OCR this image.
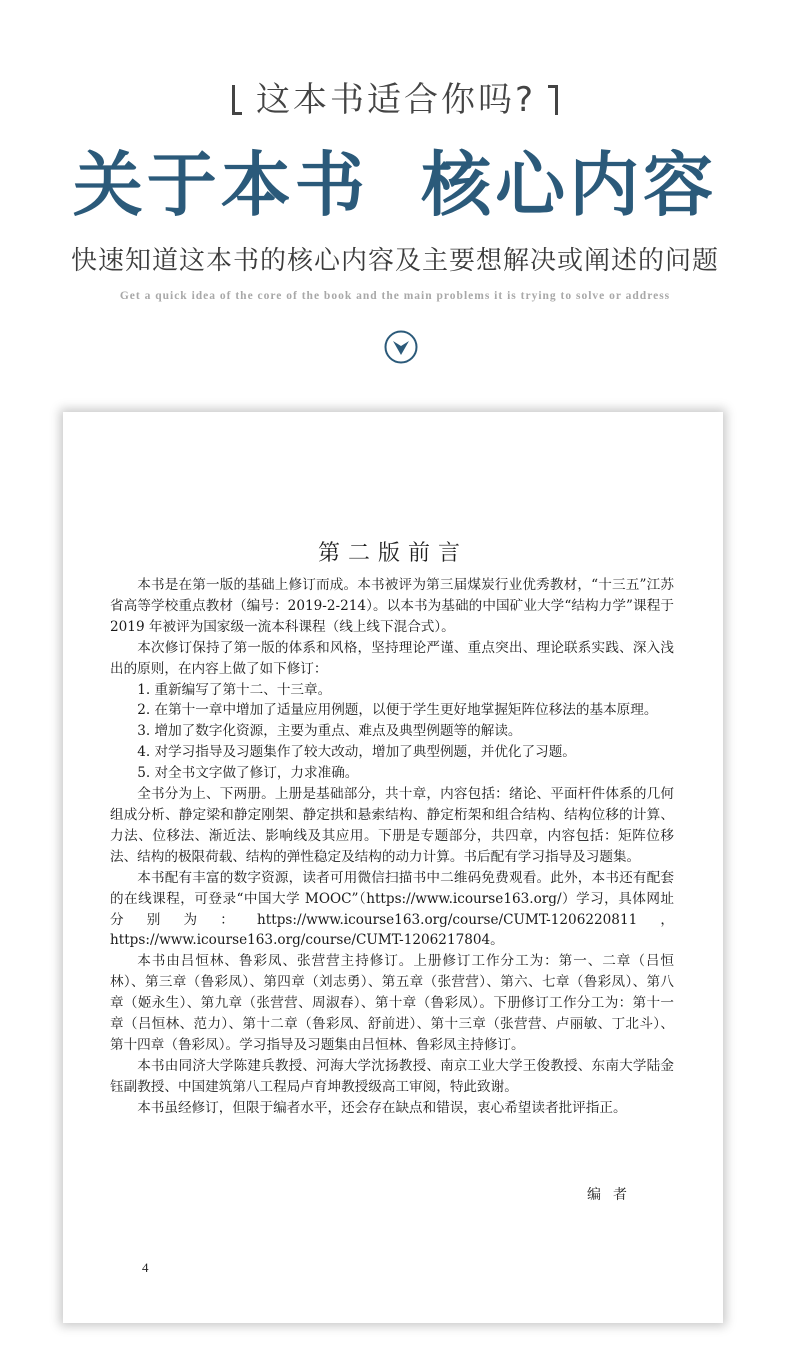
这本书适合你吗?
关于本书 核心内容
快速知道这本书的核心内容及主要想解决或阐述的问题
Get a quick idea of the core of the book and the main problems it is trying to solve or address
第二版前言

本书是在第一版的基础上修订而成。本书被评为第三届煤炭行业优秀教材，“十三五”江苏省高等学校重点教材（编号：2019-2-214）。以本书为基础的中国矿业大学“结构力学”课程于 2019 年被评为国家级一流本科课程（线上线下混合式）。

本次修订保持了第一版的体系和风格，坚持理论严谨、重点突出、理论联系实践、深入浅出的原则，在内容上做了如下修订：

1. 重新编写了第十二、十三章。

2. 在第十一章中增加了适量应用例题，以便于学生更好地掌握矩阵位移法的基本原理。

3. 增加了数字化资源，主要为重点、难点及典型例题等的解读。

4. 对学习指导及习题集作了较大改动，增加了典型例题，并优化了习题。

5. 对全书文字做了修订，力求准确。

全书分为上、下两册。上册是基础部分，共十章，内容包括：绪论、平面杆件体系的几何组成分析、静定梁和静定刚架、静定拱和悬索结构、静定桁架和组合结构、结构位移的计算、力法、位移法、渐近法、影响线及其应用。下册是专题部分，共四章，内容包括：矩阵位移法、结构的极限荷载、结构的弹性稳定及结构的动力计算。书后配有学习指导及习题集。

本书配有丰富的数字资源，读者可用微信扫描书中二维码免费观看。此外，本书还有配套的在线课程，可登录“中国大学 MOOC”（https://www.icourse163.org/）学习，具体网址分别为：https://www.icourse163.org/course/CUMT-1206220811，https://www.icourse163.org/course/CUMT-1206217804。

本书由吕恒林、鲁彩凤、张营营主持修订。上册修订工作分工为：第一、二章（吕恒林）、第三章（鲁彩凤）、第四章（刘志勇）、第五章（张营营）、第六、七章（鲁彩凤）、第八章（姬永生）、第九章（张营营、周淑春）、第十章（鲁彩凤）。下册修订工作分工为：第十一章（吕恒林、范力）、第十二章（鲁彩凤、舒前进）、第十三章（张营营、卢丽敏、丁北斗）、第十四章（鲁彩凤）。学习指导及习题集由吕恒林、鲁彩凤主持修订。

本书由同济大学陈建兵教授、河海大学沈扬教授、南京工业大学王俊教授、东南大学陆金钰副教授、中国建筑第八工程局卢育坤教授级高工审阅，特此致谢。

本书虽经修订，但限于编者水平，还会存在缺点和错误，衷心希望读者批评指正。

编者
4
